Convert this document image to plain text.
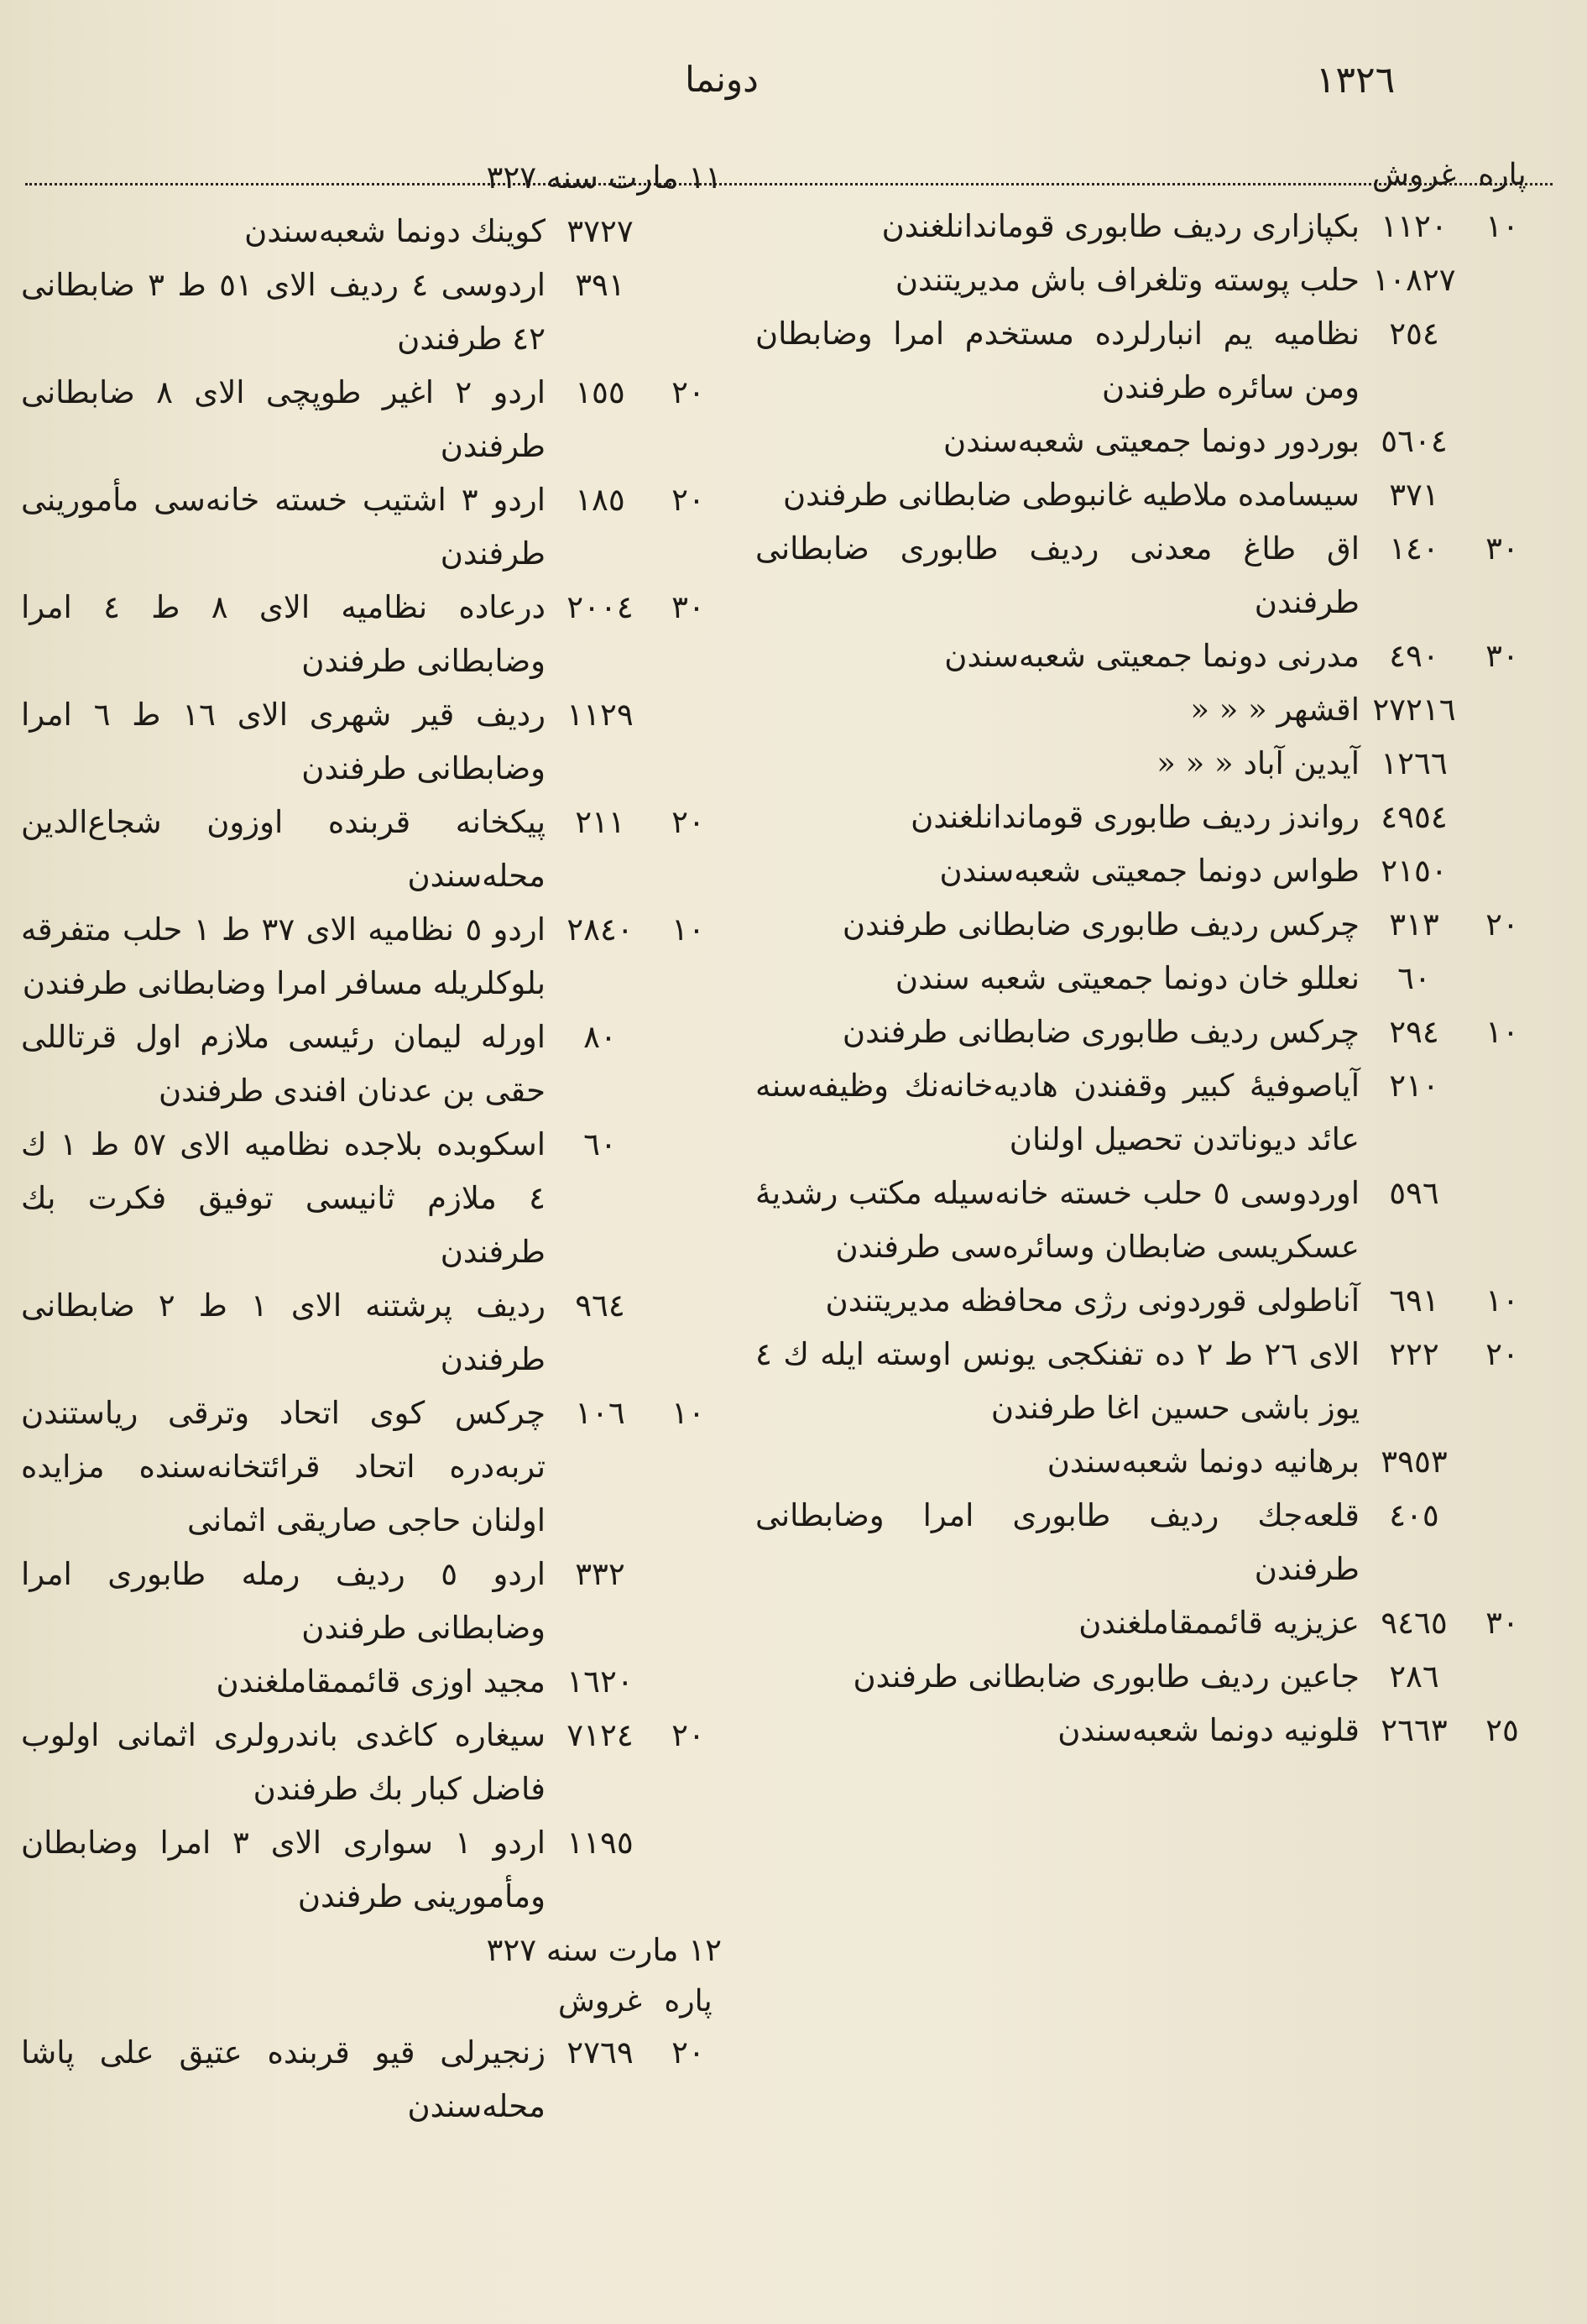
١٣٢٦
دونما
پاره
غروش
١٠
١١٢٠
بكپازاری رديف طابوری قوماندانلغندن
١٠٨٢٧
حلب پوسته وتلغراف باش مديريتندن
٢٥٤
نظاميه يم انبارلرده مستخدم امرا وضابطان ومن سائره طرفندن
٥٦٠٤
بوردور دونما جمعيتی شعبه‌سندن
٣٧١
سيسامده ملاطيه غانبوطی ضابطانی طرفندن
٣٠
١٤٠
اق طاغ معدنی رديف طابوری ضابطانی طرفندن
٣٠
٤٩٠
مدرنی دونما جمعيتی شعبه‌سندن
٢٧٢١٦
اقشهر « « «
١٢٦٦
آيدين آباد « « «
٤٩٥٤
رواندز رديف طابوری قوماندانلغندن
٢١٥٠
طواس دونما جمعيتی شعبه‌سندن
٢٠
٣١٣
چركس رديف طابوری ضابطانی طرفندن
٦٠
نعللو خان دونما جمعيتی شعبه سندن
١٠
٢٩٤
چركس رديف طابوری ضابطانی طرفندن
٢١٠
آياصوفيهٔ كبير وقفندن هاديه‌خانه‌نك وظيفه‌سنه عائد ديوناتدن تحصيل اولنان
٥٩٦
اوردوسی ٥ حلب خسته خانه‌سيله مكتب رشديهٔ عسكريسی ضابطان وسائره‌سی طرفندن
١٠
٦٩١
آناطولی قوردونی رژی محافظه مديريتندن
٢٠
٢٢٢
الای ٢٦ ط ٢ ده تفنكجی يونس اوسته ايله ك ٤ يوز باشی حسين اغا طرفندن
٣٩٥٣
برهانيه دونما شعبه‌سندن
٤٠٥
قلعه‌جك رديف طابوری امرا وضابطانی طرفندن
٣٠
٩٤٦٥
عزيزيه قائممقاملغندن
٢٨٦
جاعين رديف طابوری ضابطانی طرفندن
٢٥
٢٦٦٣
قلونيه دونما شعبه‌سندن
١١ مارت سنه ٣٢٧
٣٧٢٧
كوينك دونما شعبه‌سندن
٣٩١
اردوسی ٤ رديف الای ٥١ ط ٣ ضابطانی ٤٢ طرفندن
٢٠
١٥٥
اردو ٢ اغير طوپچی الای ٨ ضابطانی طرفندن
٢٠
١٨٥
اردو ٣ اشتيب خسته خانه‌سی مأمورينی طرفندن
٣٠
٢٠٠٤
درعاده نظاميه الای ٨ ط ٤ امرا وضابطانی طرفندن
١١٢٩
رديف قير شهری الای ١٦ ط ٦ امرا وضابطانی طرفندن
٢٠
٢١١
پيكخانه قربنده اوزون شجاع‌الدين محله‌سندن
١٠
٢٨٤٠
اردو ٥ نظاميه الای ٣٧ ط ١ حلب متفرقه بلوكلريله مسافر امرا وضابطانی طرفندن
٨٠
اورله ليمان رئيسی ملازم اول قرتاللی حقی بن عدنان افندی طرفندن
٦٠
اسكوبده بلاجده نظاميه الای ٥٧ ط ١ ك ٤ ملازم ثانيسی توفيق فكرت بك طرفندن
٩٦٤
رديف پرشتنه الای ١ ط ٢ ضابطانی طرفندن
١٠
١٠٦
چركس كوی اتحاد وترقی رياستندن تربه‌دره اتحاد قرائتخانه‌سنده مزايده اولنان حاجی صاريقی اثمانی
٣٣٢
اردو ٥ رديف رمله طابوری امرا وضابطانی طرفندن
١٦٢٠
مجيد اوزی قائممقاملغندن
٢٠
٧١٢٤
سيغاره كاغدی باندرولری اثمانی اولوب فاضل كبار بك طرفندن
١١٩٥
اردو ١ سواری الای ٣ امرا وضابطان ومأمورينی طرفندن
١٢ مارت سنه ٣٢٧
پاره
غروش
٢٠
٢٧٦٩
زنجيرلی قيو قربنده عتيق علی پاشا محله‌سندن
